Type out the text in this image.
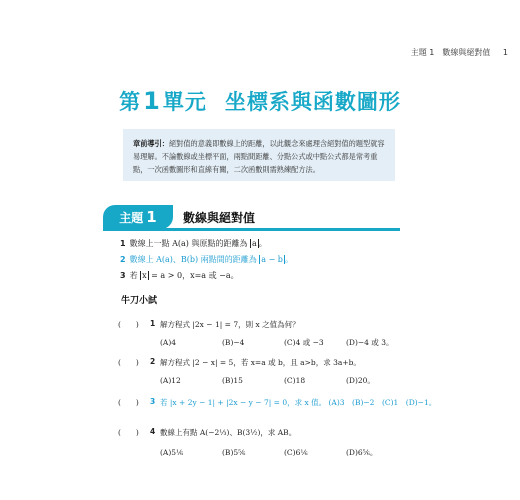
主題 1　數線與絕對值 1
第1單元 坐標系與函數圖形
章前導引：絕對值的意義即數線上的距離，以此觀念來處理含絕對值的題型就容易理解。不論數線或坐標平面，兩點間距離、分點公式或中點公式都是常考重點，一次函數圖形和直線有關，二次函數則需熟練配方法。
主題 1	數線與絕對值
1 數線上一點 A(a) 與原點的距離為 a 。
2 數線上 A(a)、B(b) 兩點間的距離為 a − b 。
3 若 x = a > 0，x=a 或 −a。
牛刀小試
(　　)	1 解方程式 |2x − 1| = 7，則 x 之值為何？
(A)4	(B)−4	(C)4 或 −3	(D)−4 或 3。
(　　)	2 解方程式 |2 − x| = 5，若 x=a 或 b，且 a>b，求 3a+b。
(A)12	(B)15	(C)18	(D)20。
(　　)	3 若 |x + 2y − 1| + |2x − y − 7| = 0，求 x 值。 (A)3　(B)−2　(C)1　(D)−1。
(　　)	4 數線上有點 A(−2⅓)、B(3½)，求 AB。
(A)5⅙	(B)5⅚	(C)6⅙	(D)6⅚。
